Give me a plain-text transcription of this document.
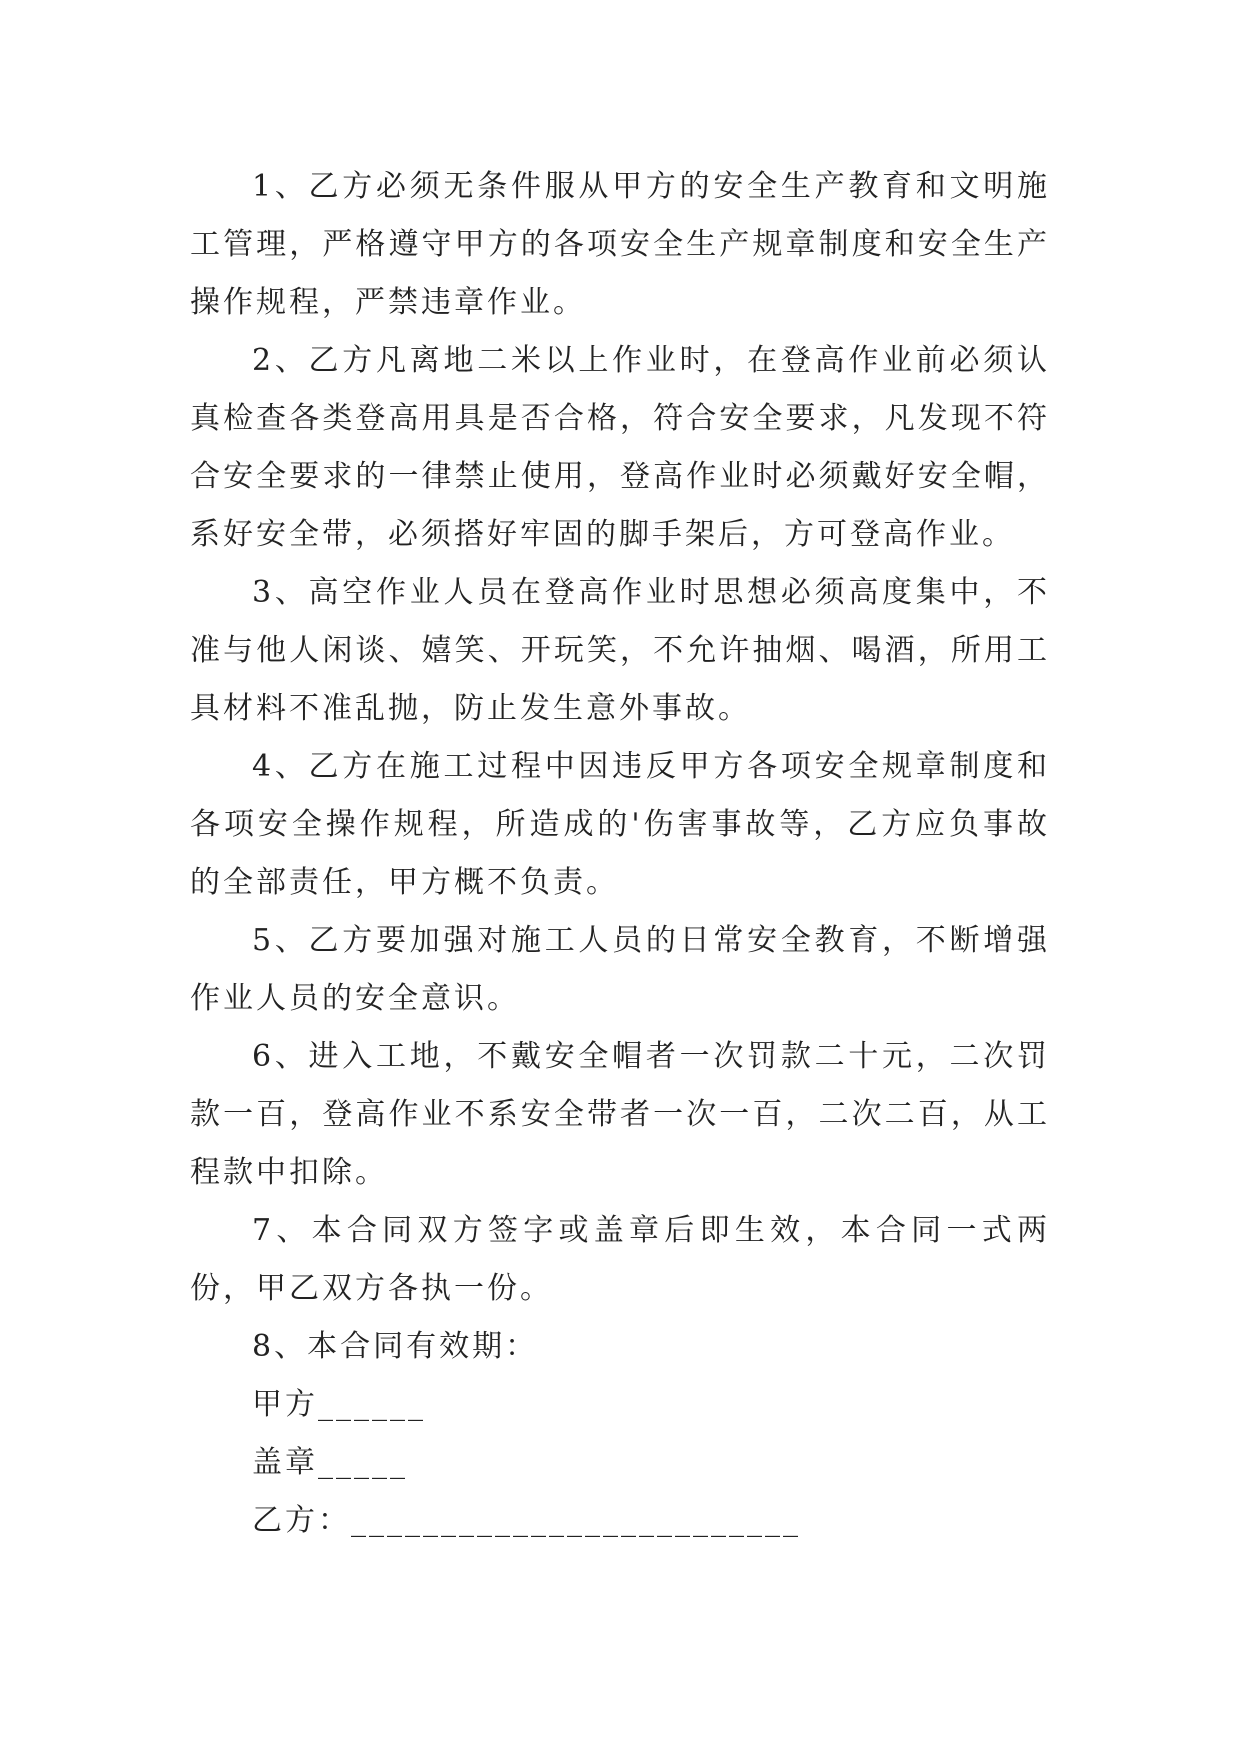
1、乙方必须无条件服从甲方的安全生产教育和文明施工管理，严格遵守甲方的各项安全生产规章制度和安全生产操作规程，严禁违章作业。

2、乙方凡离地二米以上作业时，在登高作业前必须认真检查各类登高用具是否合格，符合安全要求，凡发现不符合安全要求的一律禁止使用，登高作业时必须戴好安全帽，系好安全带，必须搭好牢固的脚手架后，方可登高作业。

3、高空作业人员在登高作业时思想必须高度集中，不准与他人闲谈、嬉笑、开玩笑，不允许抽烟、喝酒，所用工具材料不准乱抛，防止发生意外事故。

4、乙方在施工过程中因违反甲方各项安全规章制度和各项安全操作规程，所造成的'伤害事故等，乙方应负事故的全部责任，甲方概不负责。

5、乙方要加强对施工人员的日常安全教育，不断增强作业人员的安全意识。

6、进入工地，不戴安全帽者一次罚款二十元，二次罚款一百，登高作业不系安全带者一次一百，二次二百，从工程款中扣除。

7、本合同双方签字或盖章后即生效，本合同一式两份，甲乙双方各执一份。

8、本合同有效期：

甲方______

盖章_____

乙方：_________________________
